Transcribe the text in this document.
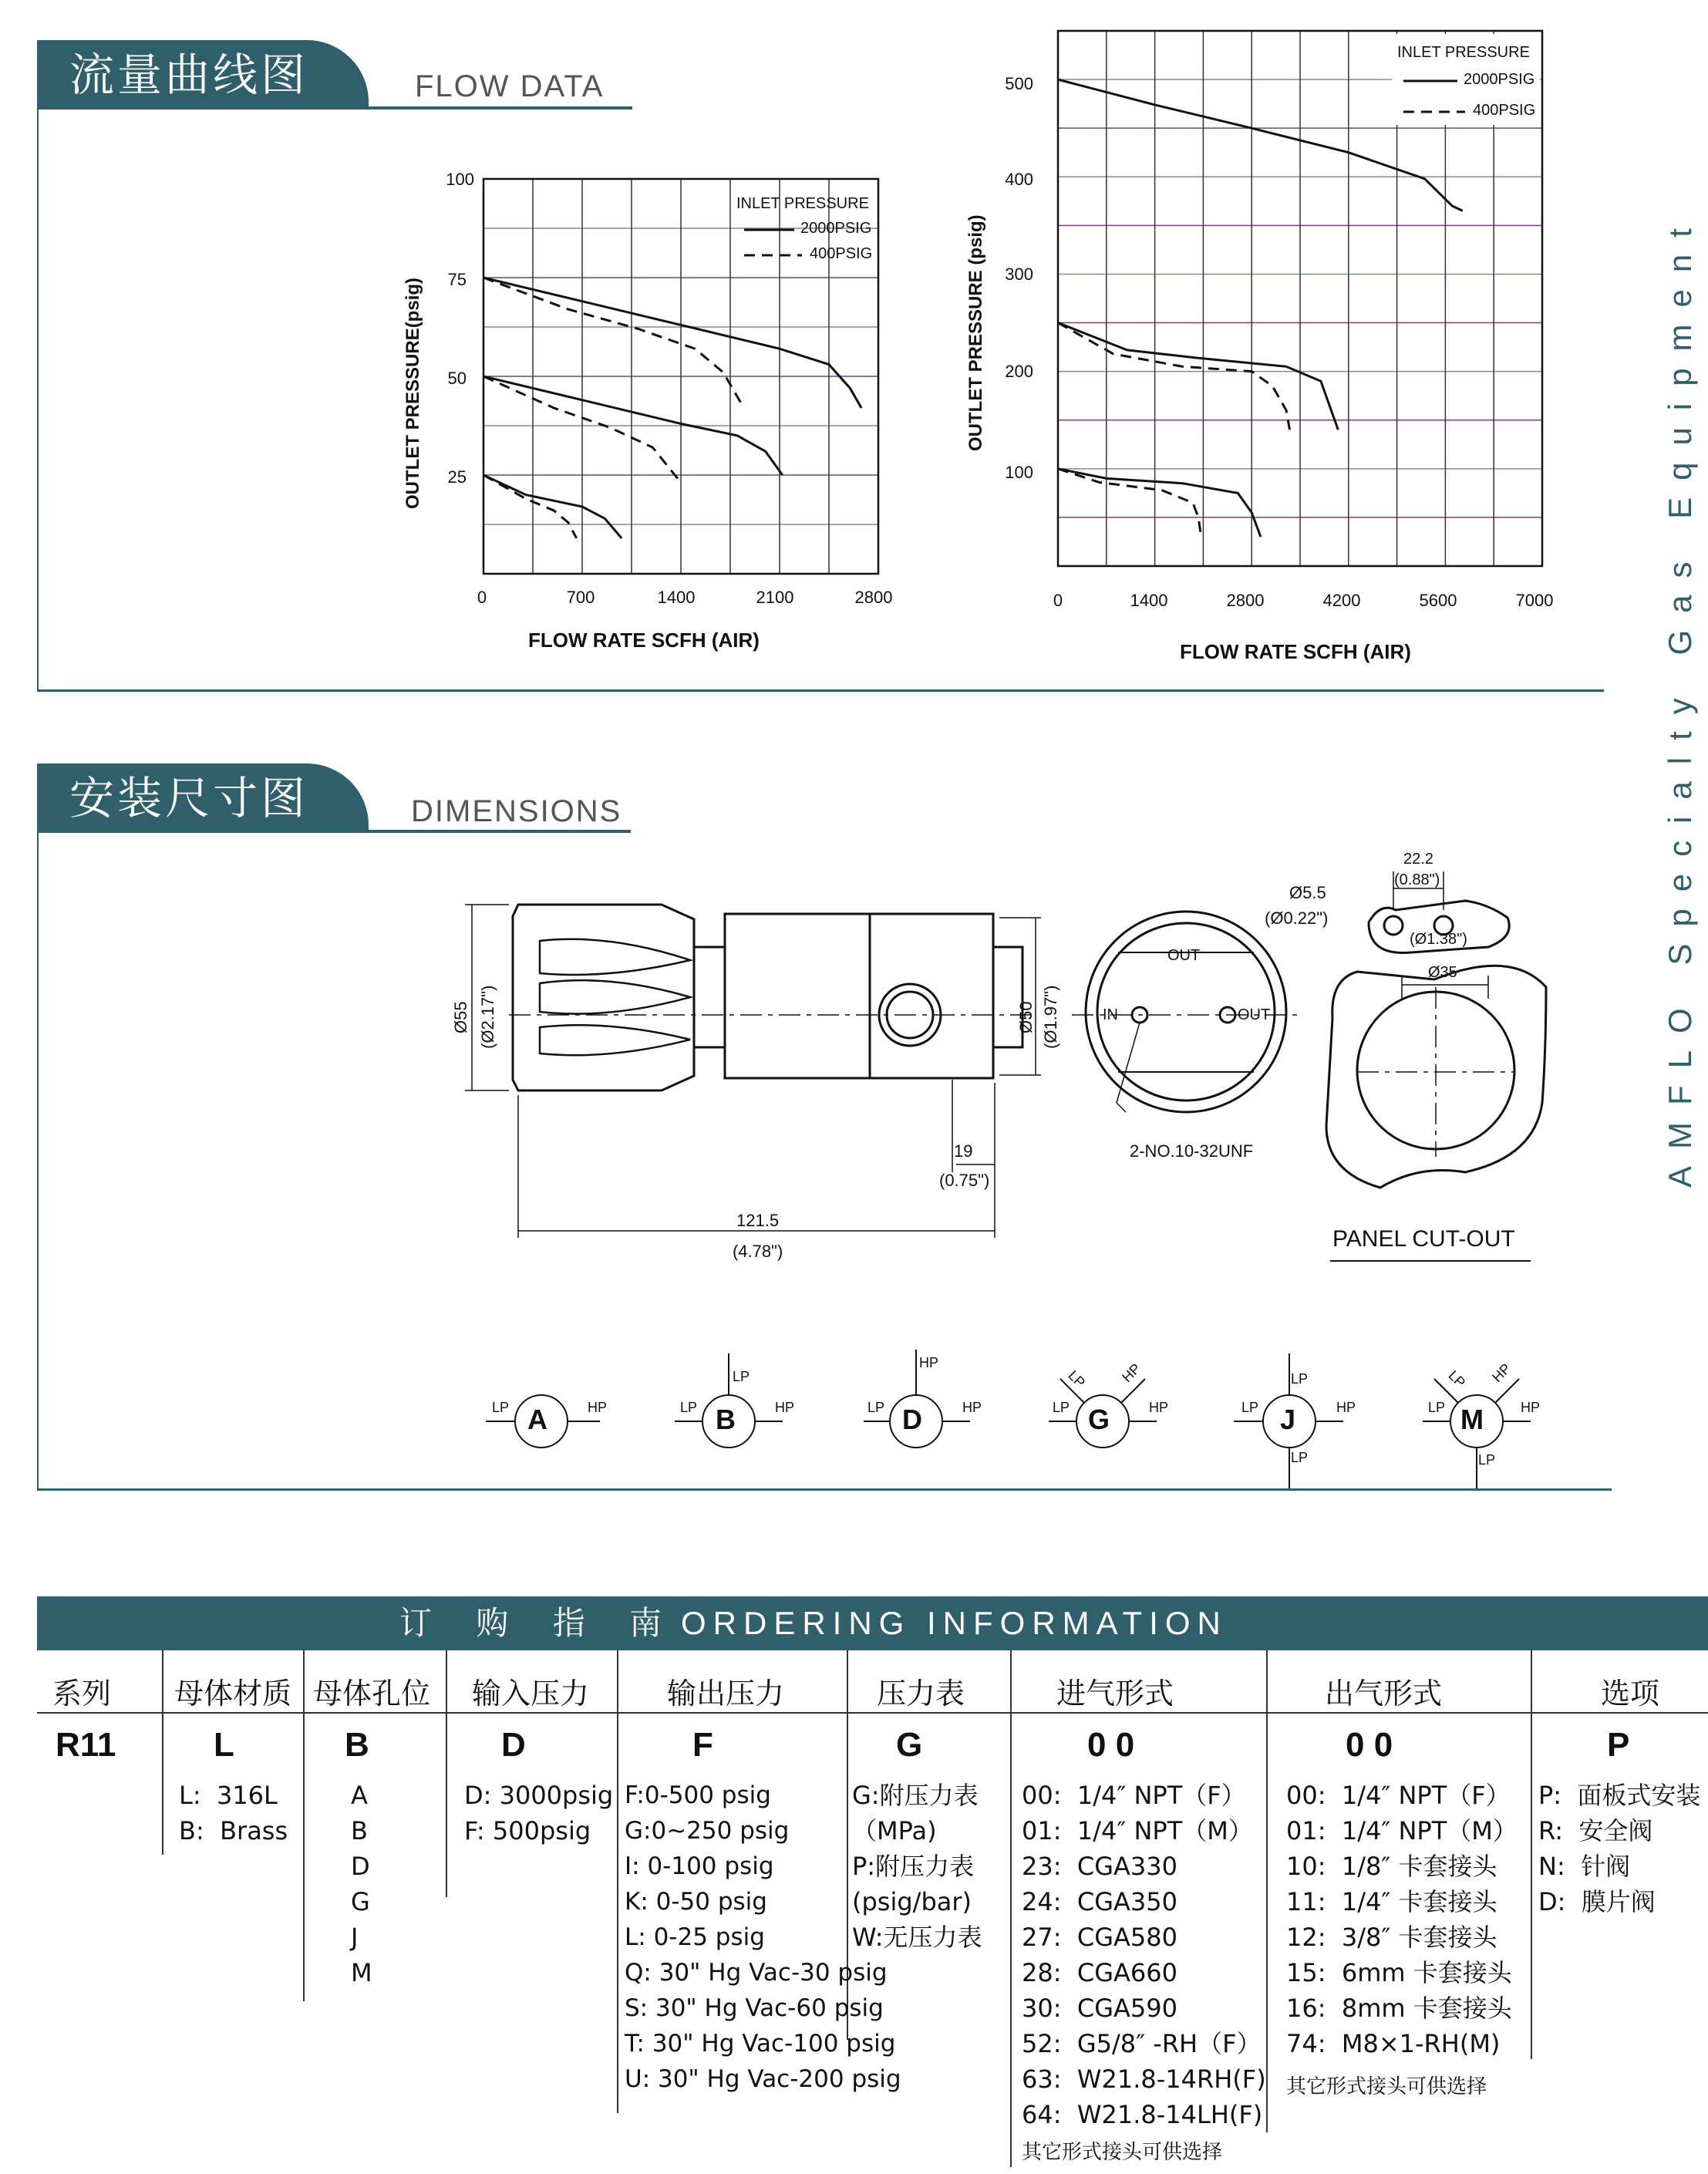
流量曲线图	FLOW DATA
100
75
50
25
0	700	1400	2100	2800
FLOW RATE SCFH (AIR)
OUTLET PRESSURE(psig)
INLET PRESSURE
2000PSIG
400PSIG
500
400
300
200
100
0	1400	2800	4200	5600	7000
FLOW RATE SCFH (AIR)
OUTLET PRESSURE (psig)
INLET PRESSURE
2000PSIG
400PSIG
AMFLO Specialty Gas Equipment
安装尺寸图	DIMENSIONS
Ø55 (Ø2.17")	Ø50 (Ø1.97")
121.5
(4.78")
19
(0.75")
OUT
IN	OUT
2-NO.10-32UNF
Ø5.5
(Ø0.22")
22.2
(0.88")
Ø35
(Ø1.38")
PANEL CUT-OUT
A	B	D	G	J	M
LP	HP
LP
LP	HP
HP
LP	HP
LP HP
LP	HP
LP
LP	HP
LP
LP HP
LP	HP
LP
订 购 指 南 ORDERING INFORMATION
系列 母体材质 母体孔位 输入压力	输出压力	压力表	进气形式	出气形式	选项
R11	L	B	D	F	G	0 0	0 0	P
L:  316L
B:  Brass
A
B
D
G
J
M
D: 3000psig
F: 500psig
F:0-500 psig
G:0~250 psig
I: 0-100 psig
K: 0-50 psig
L: 0-25 psig
Q: 30" Hg Vac-30 psig
S: 30" Hg Vac-60 psig
T: 30" Hg Vac-100 psig
U: 30" Hg Vac-200 psig
G:附压力表
（MPa)
P:附压力表
(psig/bar)
W:无压力表
00:  1/4″ NPT（F）
01:  1/4″ NPT（M）
23:  CGA330
24:  CGA350
27:  CGA580
28:  CGA660
30:  CGA590
52:  G5/8″ -RH（F）
63:  W21.8-14RH(F)
64:  W21.8-14LH(F)
00:  1/4″ NPT（F）
01:  1/4″ NPT（M）
10:  1/8″ 卡套接头
11:  1/4″ 卡套接头
12:  3/8″ 卡套接头
15:  6mm 卡套接头
16:  8mm 卡套接头
74:  M8×1-RH(M)
P:  面板式安装
R:  安全阀
N:  针阀
D:  膜片阀
其它形式接头可供选择
其它形式接头可供选择
